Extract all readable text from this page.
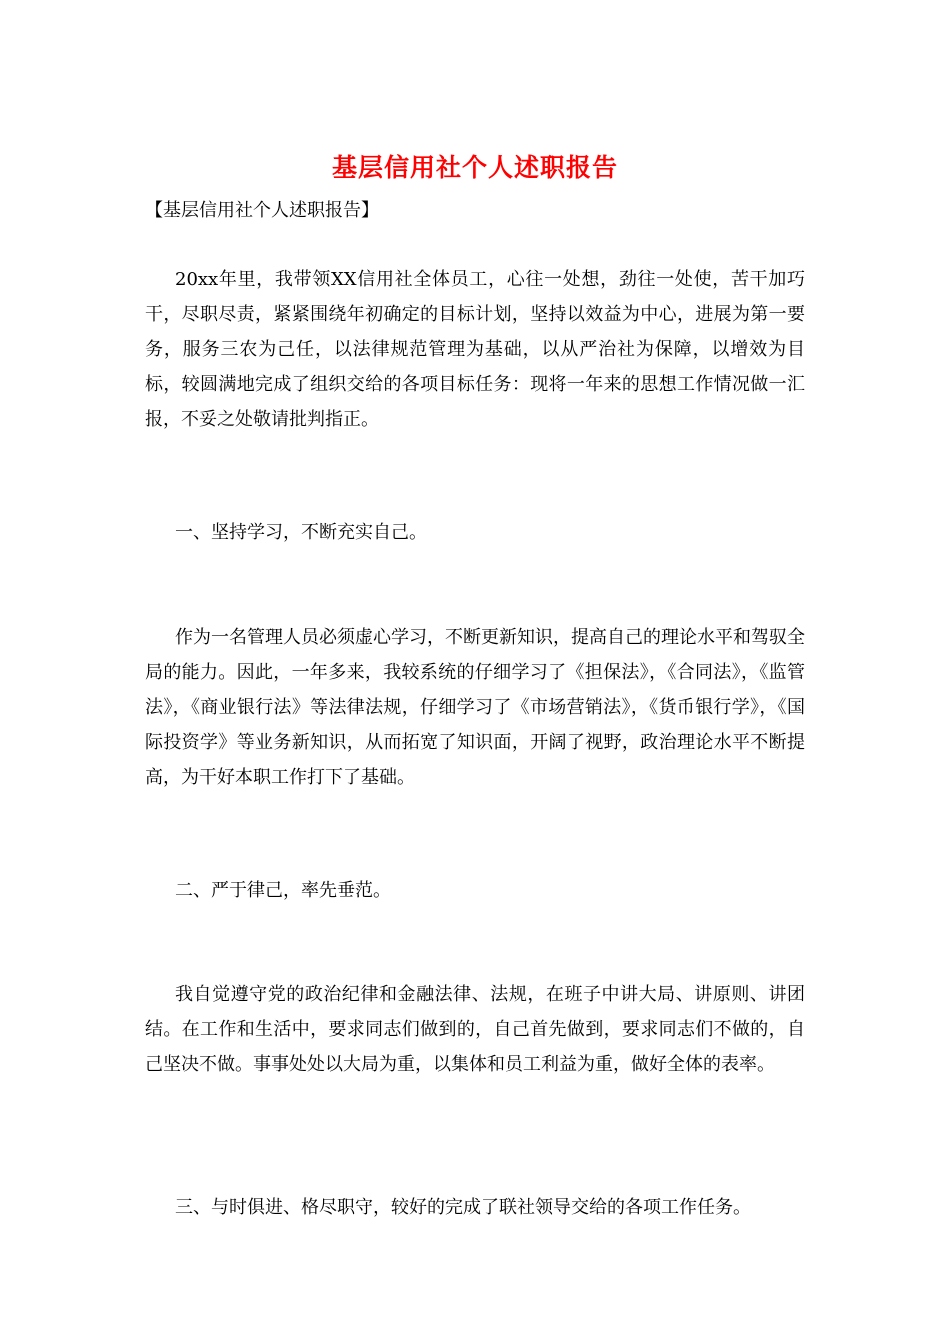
基层信用社个人述职报告
【基层信用社个人述职报告】

20xx年里，我带领XX信用社全体员工，心往一处想，劲往一处使，苦干加巧干，尽职尽责，紧紧围绕年初确定的目标计划，坚持以效益为中心，进展为第一要务，服务三农为己任，以法律规范管理为基础，以从严治社为保障，以增效为目标，较圆满地完成了组织交给的各项目标任务：现将一年来的思想工作情况做一汇报，不妥之处敬请批判指正。

一、坚持学习，不断充实自己。

作为一名管理人员必须虚心学习，不断更新知识，提高自己的理论水平和驾驭全局的能力。因此，一年多来，我较系统的仔细学习了《担保法》，《合同法》，《监管法》，《商业银行法》等法律法规，仔细学习了《市场营销法》，《货币银行学》，《国际投资学》等业务新知识，从而拓宽了知识面，开阔了视野，政治理论水平不断提高，为干好本职工作打下了基础。

二、严于律己，率先垂范。

我自觉遵守党的政治纪律和金融法律、法规，在班子中讲大局、讲原则、讲团结。在工作和生活中，要求同志们做到的，自己首先做到，要求同志们不做的，自己坚决不做。事事处处以大局为重，以集体和员工利益为重，做好全体的表率。

三、与时俱进、格尽职守，较好的完成了联社领导交给的各项工作任务。
